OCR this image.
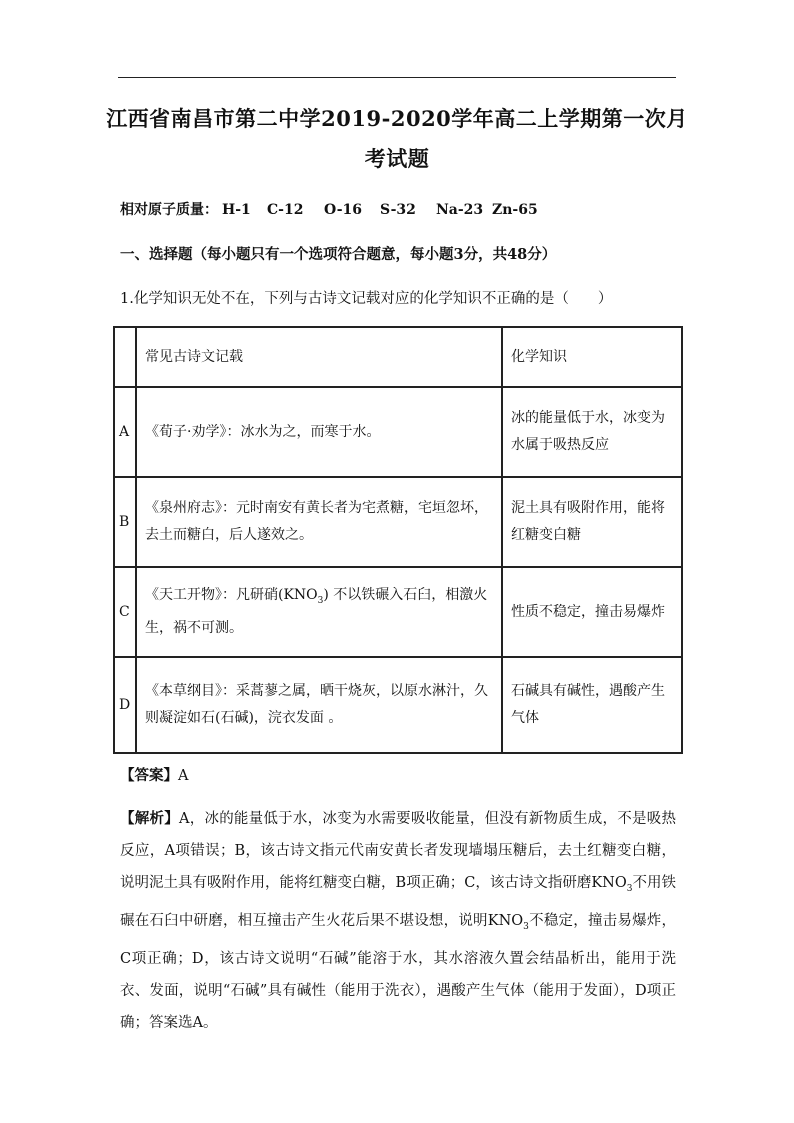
江西省南昌市第二中学2019-2020学年高二上学期第一次月
考试题
相对原子质量： H-1 C-12 O-16 S-32 Na-23 Zn-65
一、选择题（每小题只有一个选项符合题意，每小题3分，共48分）
1.化学知识无处不在，下列与古诗文记载对应的化学知识不正确的是（　　）
	常见古诗文记载	化学知识
A	《荀子·劝学》：冰水为之，而寒于水。	冰的能量低于水，冰变为水属于吸热反应
B	《泉州府志》：元时南安有黄长者为宅煮糖，宅垣忽坏，去土而糖白，后人遂效之。	泥土具有吸附作用，能将红糖变白糖
C	《天工开物》：凡研硝$(KNO_3)$ 不以铁碾入石臼，相激火生，祸不可测。	性质不稳定，撞击易爆炸
D	《本草纲目》：采蒿蓼之属，晒干烧灰，以原水淋汁，久则凝淀如石(石碱)，浣衣发面 。	石碱具有碱性，遇酸产生气体
【答案】A
【解析】A，冰的能量低于水，冰变为水需要吸收能量，但没有新物质生成，不是吸热反应，A项错误；B，该古诗文指元代南安黄长者发现墙塌压糖后，去土红糖变白糖，说明泥土具有吸附作用，能将红糖变白糖，B项正确；C，该古诗文指研磨$KNO_3$不用铁碾在石臼中研磨，相互撞击产生火花后果不堪设想，说明$KNO_3$不稳定，撞击易爆炸，C项正确；D，该古诗文说明“石碱”能溶于水，其水溶液久置会结晶析出，能用于洗衣、发面，说明“石碱”具有碱性（能用于洗衣），遇酸产生气体（能用于发面），D项正确；答案选A。
